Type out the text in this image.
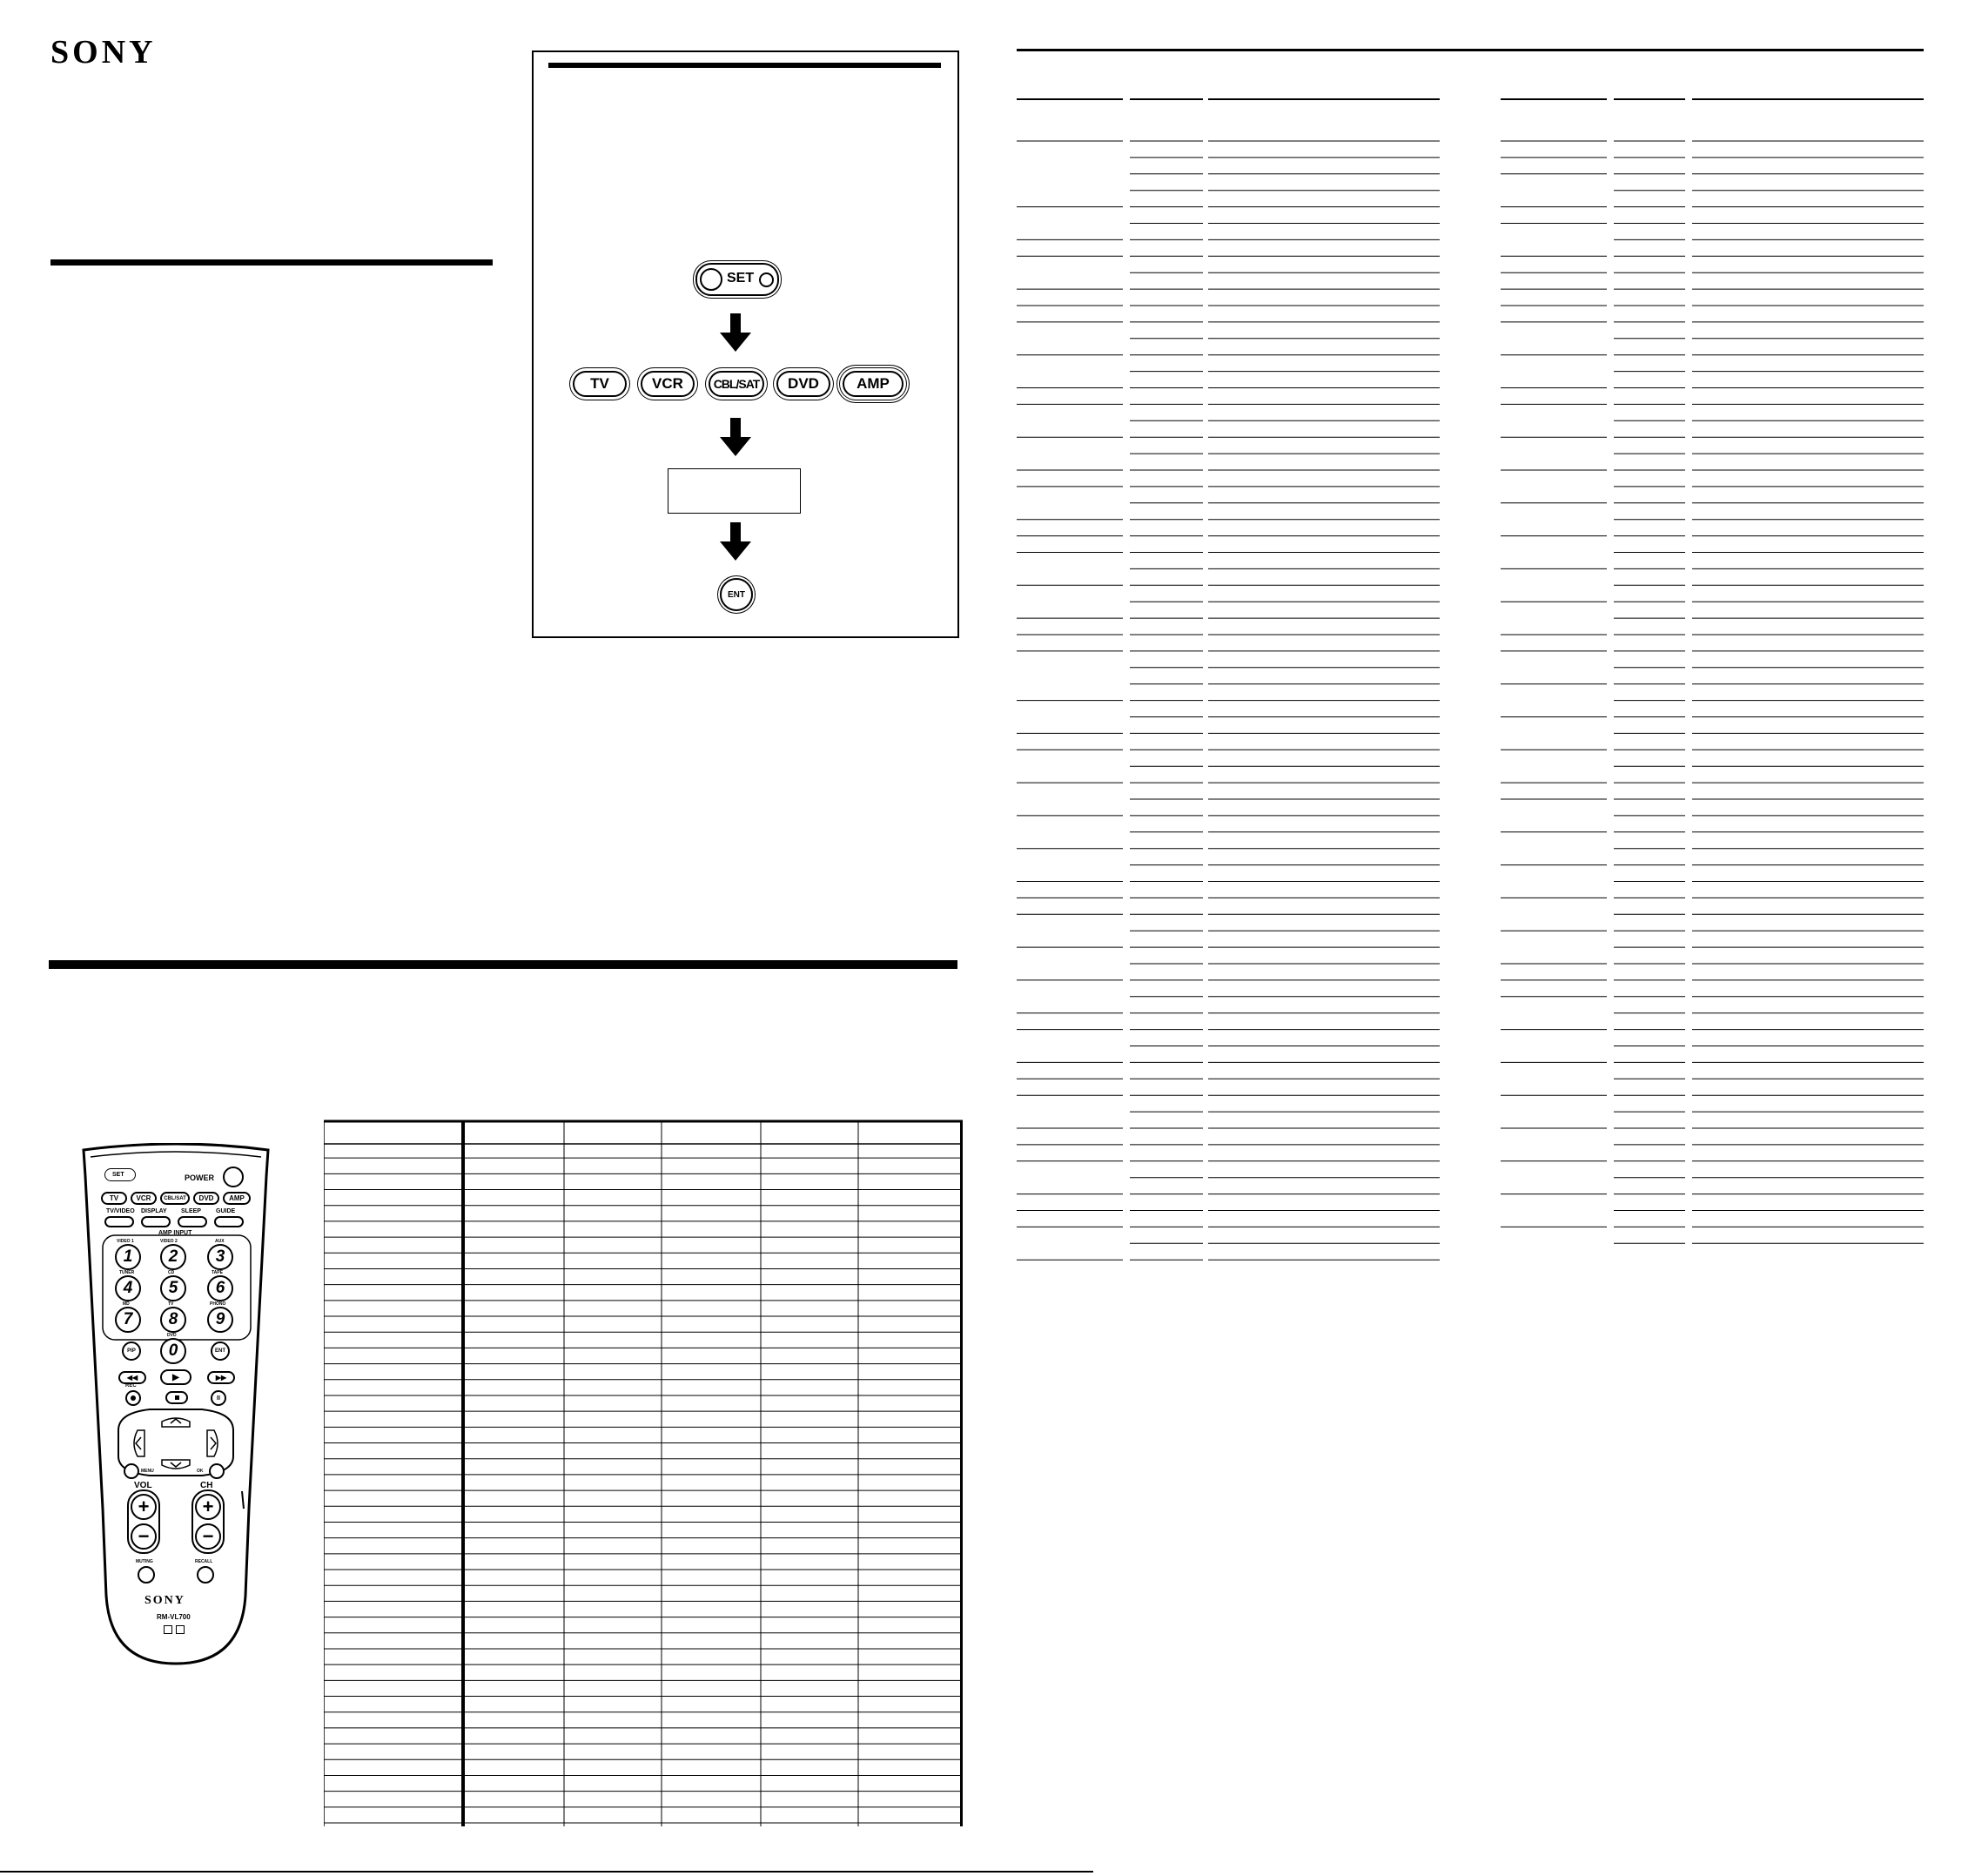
SONY
SET
TV	VCR	CBL/SAT	DVD	AMP
ENT
SET	POWER
TV	VCR	CBL/SAT	DVD	AMP
TV/VIDEO DISPLAY SLEEP GUIDE
AMP INPUT
VIDEO 1	VIDEO 2	AUX
TUNER	CD	TAPE
MD	TV	PHONO
1	2	3
4	5	6
7	8	9
PIP
DVD
0	ENT
◀◀	▶	▶▶
REC
II
MENU	OK
VOL	CH
+
−
+
−
MUTING	RECALL
SONY
RM-VL700
